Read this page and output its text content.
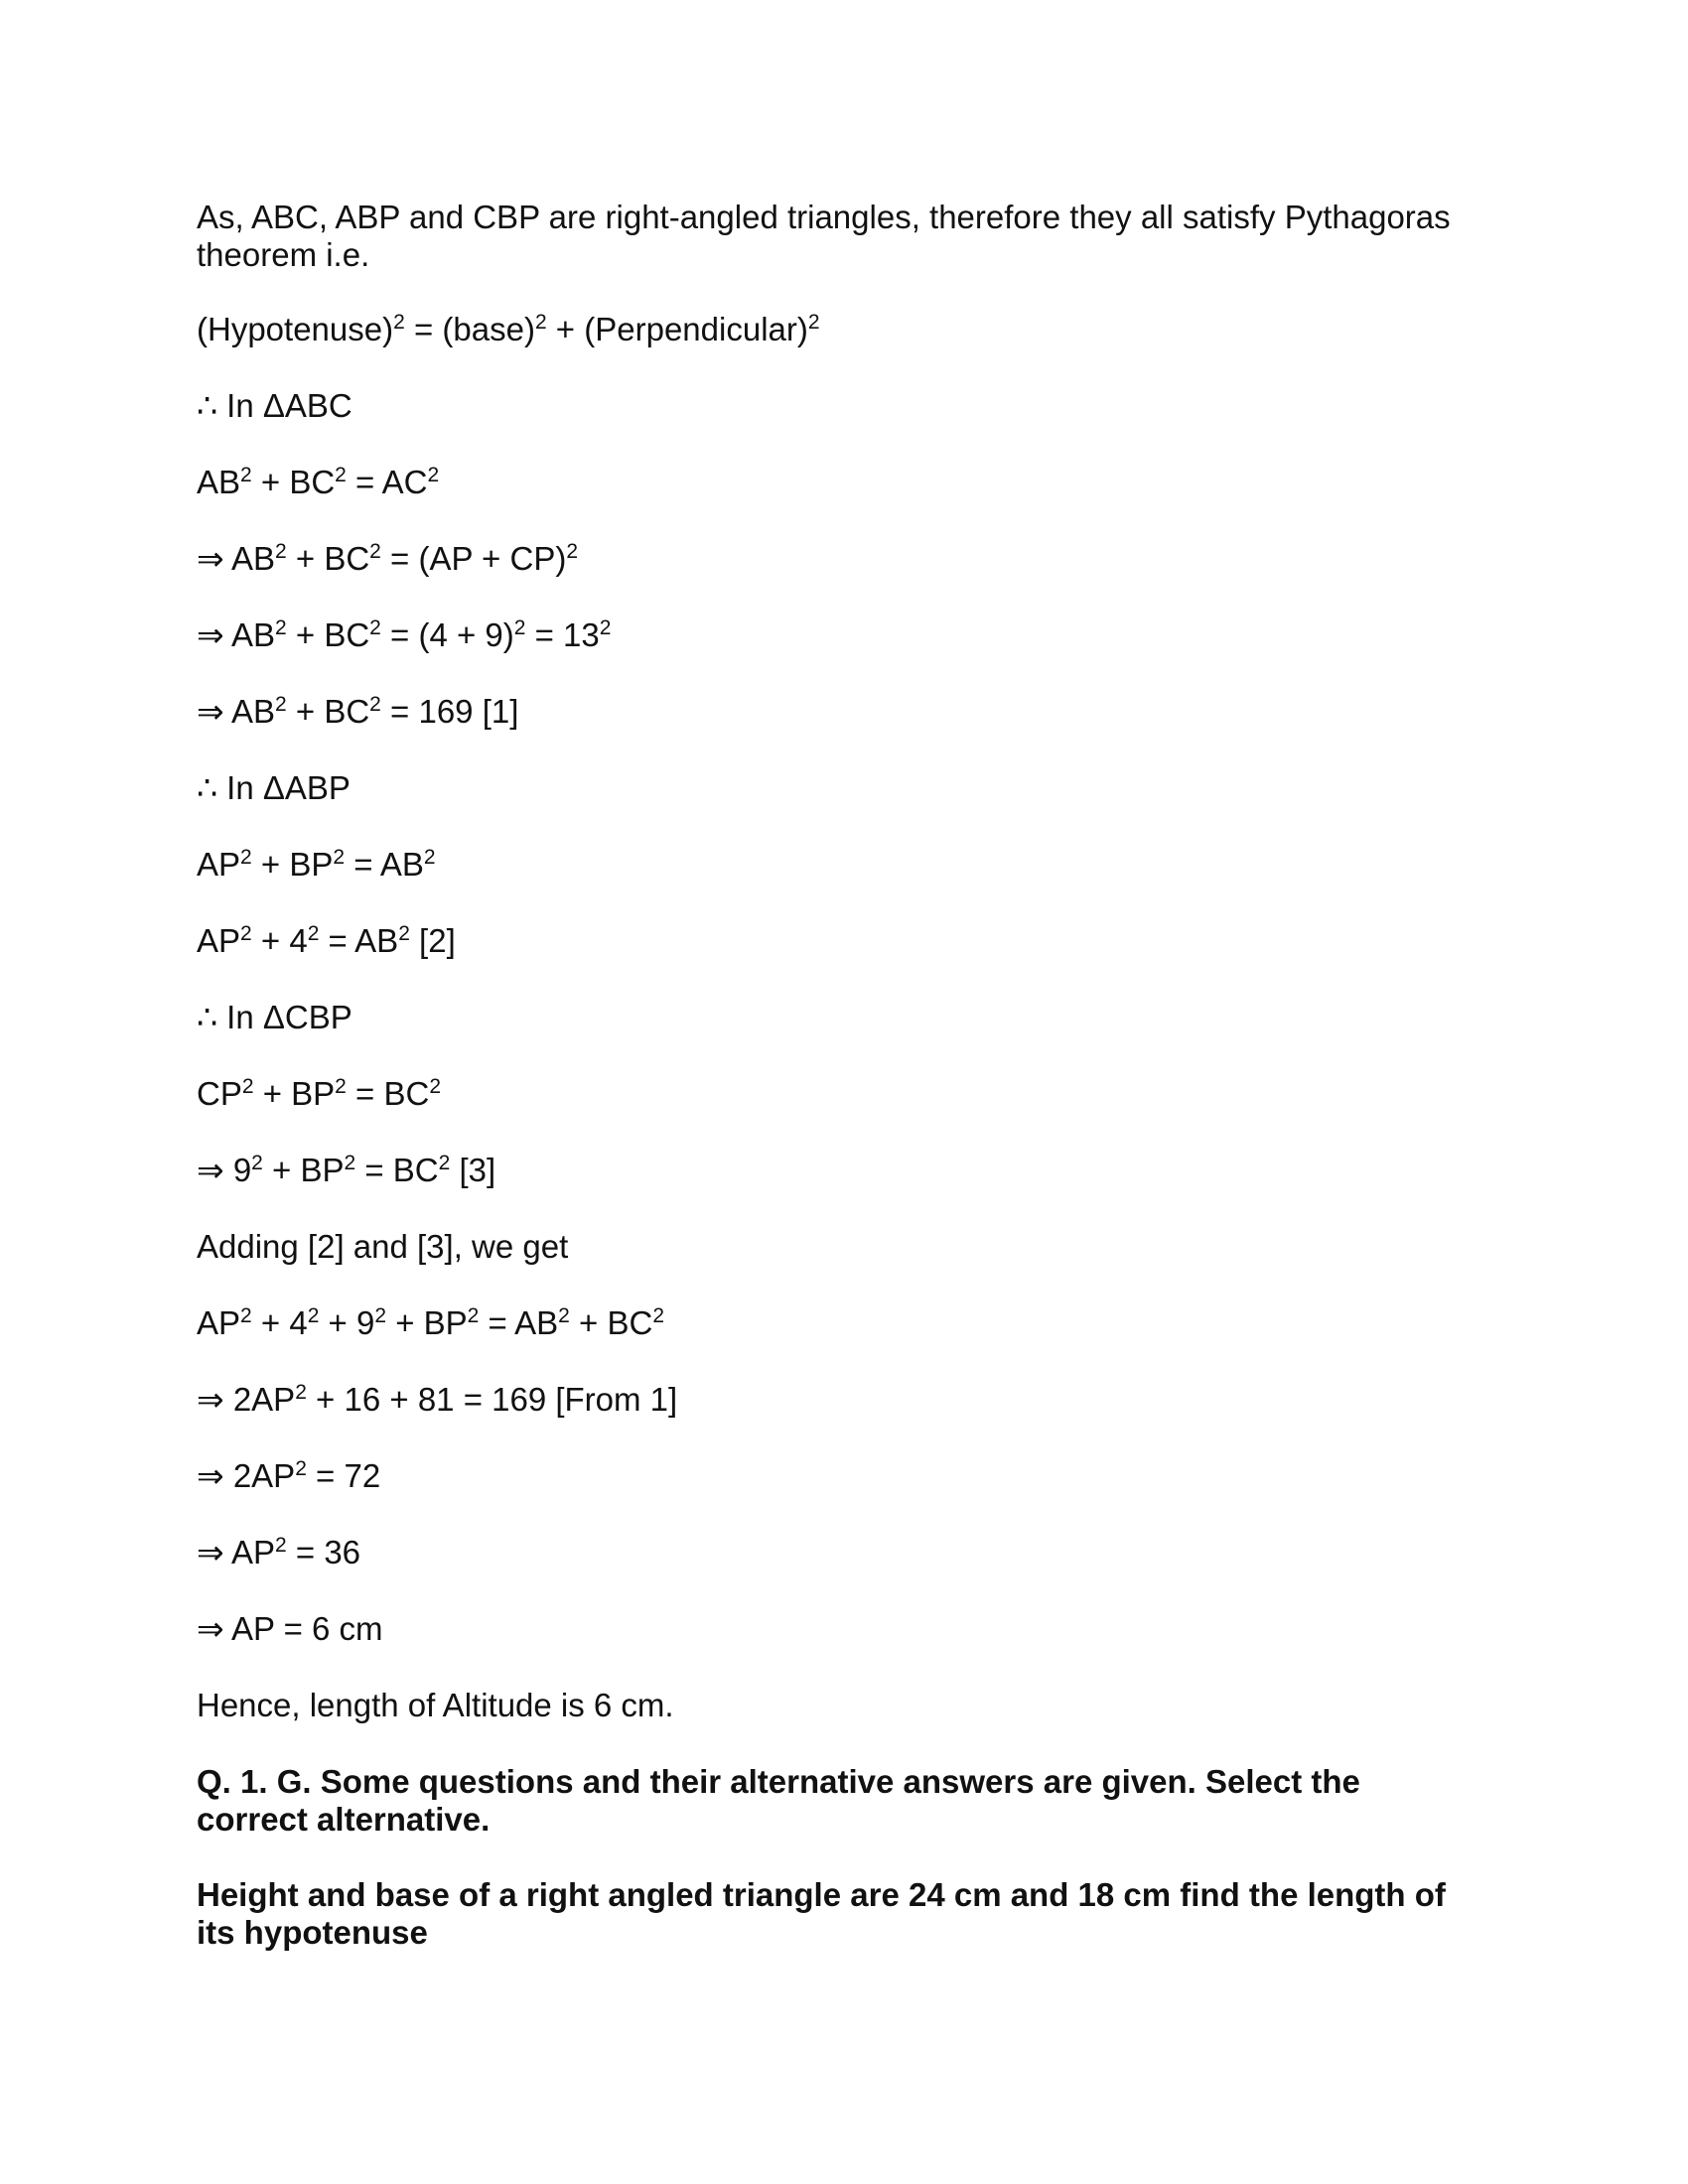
As, ABC, ABP and CBP are right-angled triangles, therefore they all satisfy Pythagoras

theorem i.e.

(Hypotenuse)$^2$ = (base)$^2$ + (Perpendicular)$^2$

∴ In ΔABC

$AB^2 + BC^2 = AC^2$

⇒ $AB^2 + BC^2 = (AP + CP)^2$

⇒ $AB^2 + BC^2 = (4 + 9)^2 = 13^2$

⇒ $AB^2 + BC^2 = 169$ [1]

∴ In ΔABP

$AP^2 + BP^2 = AB^2$

$AP^2 + 4^2 = AB^2$ [2]

∴ In ΔCBP

$CP^2 + BP^2 = BC^2$

⇒ $9^2 + BP^2 = BC^2$ [3]

Adding [2] and [3], we get

$AP^2 + 4^2 + 9^2 + BP^2 = AB^2 + BC^2$

⇒ $2AP^2 + 16 + 81 = 169$ [From 1]

⇒ $2AP^2 = 72$

⇒ $AP^2 = 36$

⇒ AP = 6 cm

Hence, length of Altitude is 6 cm.

Q. 1. G. Some questions and their alternative answers are given. Select the

correct alternative.

Height and base of a right angled triangle are 24 cm and 18 cm find the length of

its hypotenuse
